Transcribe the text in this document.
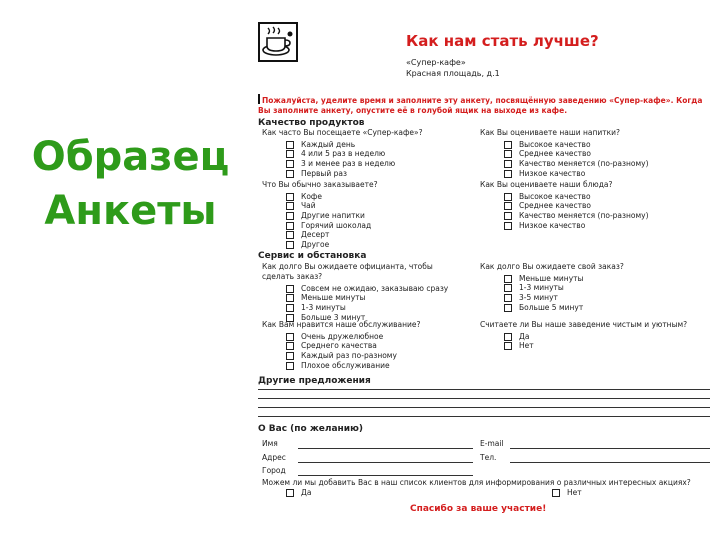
Образец
Анкеты
Как нам стать лучше?
«Супер-кафе»
Красная площадь, д.1
Пожалуйста, уделите время и заполните эту анкету, посвящённую заведению «Супер-кафе». Когда Вы заполните анкету, опустите её в голубой ящик на выходе из кафе.
Качество продуктов
Как часто Вы посещаете «Супер-кафе»?
Каждый день
4 или 5 раз в неделю
3 и менее раз в неделю
Первый раз
Как Вы оцениваете наши напитки?
Высокое качество
Среднее качество
Качество меняется (по-разному)
Низкое качество
Что Вы обычно заказываете?
Кофе
Чай
Другие напитки
Горячий шоколад
Десерт
Другое
Как Вы оцениваете наши блюда?
Высокое качество
Среднее качество
Качество меняется (по-разному)
Низкое качество
Сервис и обстановка
Как долго Вы ожидаете официанта, чтобы
сделать заказ?
Совсем не ожидаю, заказываю сразу
Меньше минуты
1-3 минуты
Больше 3 минут
Как долго Вы ожидаете свой заказ?
Меньше минуты
1-3 минуты
3-5 минут
Больше 5 минут
Как Вам нравится наше обслуживание?
Очень дружелюбное
Среднего качества
Каждый раз по-разному
Плохое обслуживание
Считаете ли Вы наше заведение чистым и уютным?
Да
Нет
Другие предложения
О Вас (по желанию)
Имя	E-mail
Адрес	Тел.
Город
Можем ли мы добавить Вас в наш список клиентов для информирования о различных интересных акциях?
Да	Нет
Спасибо за ваше участие!
